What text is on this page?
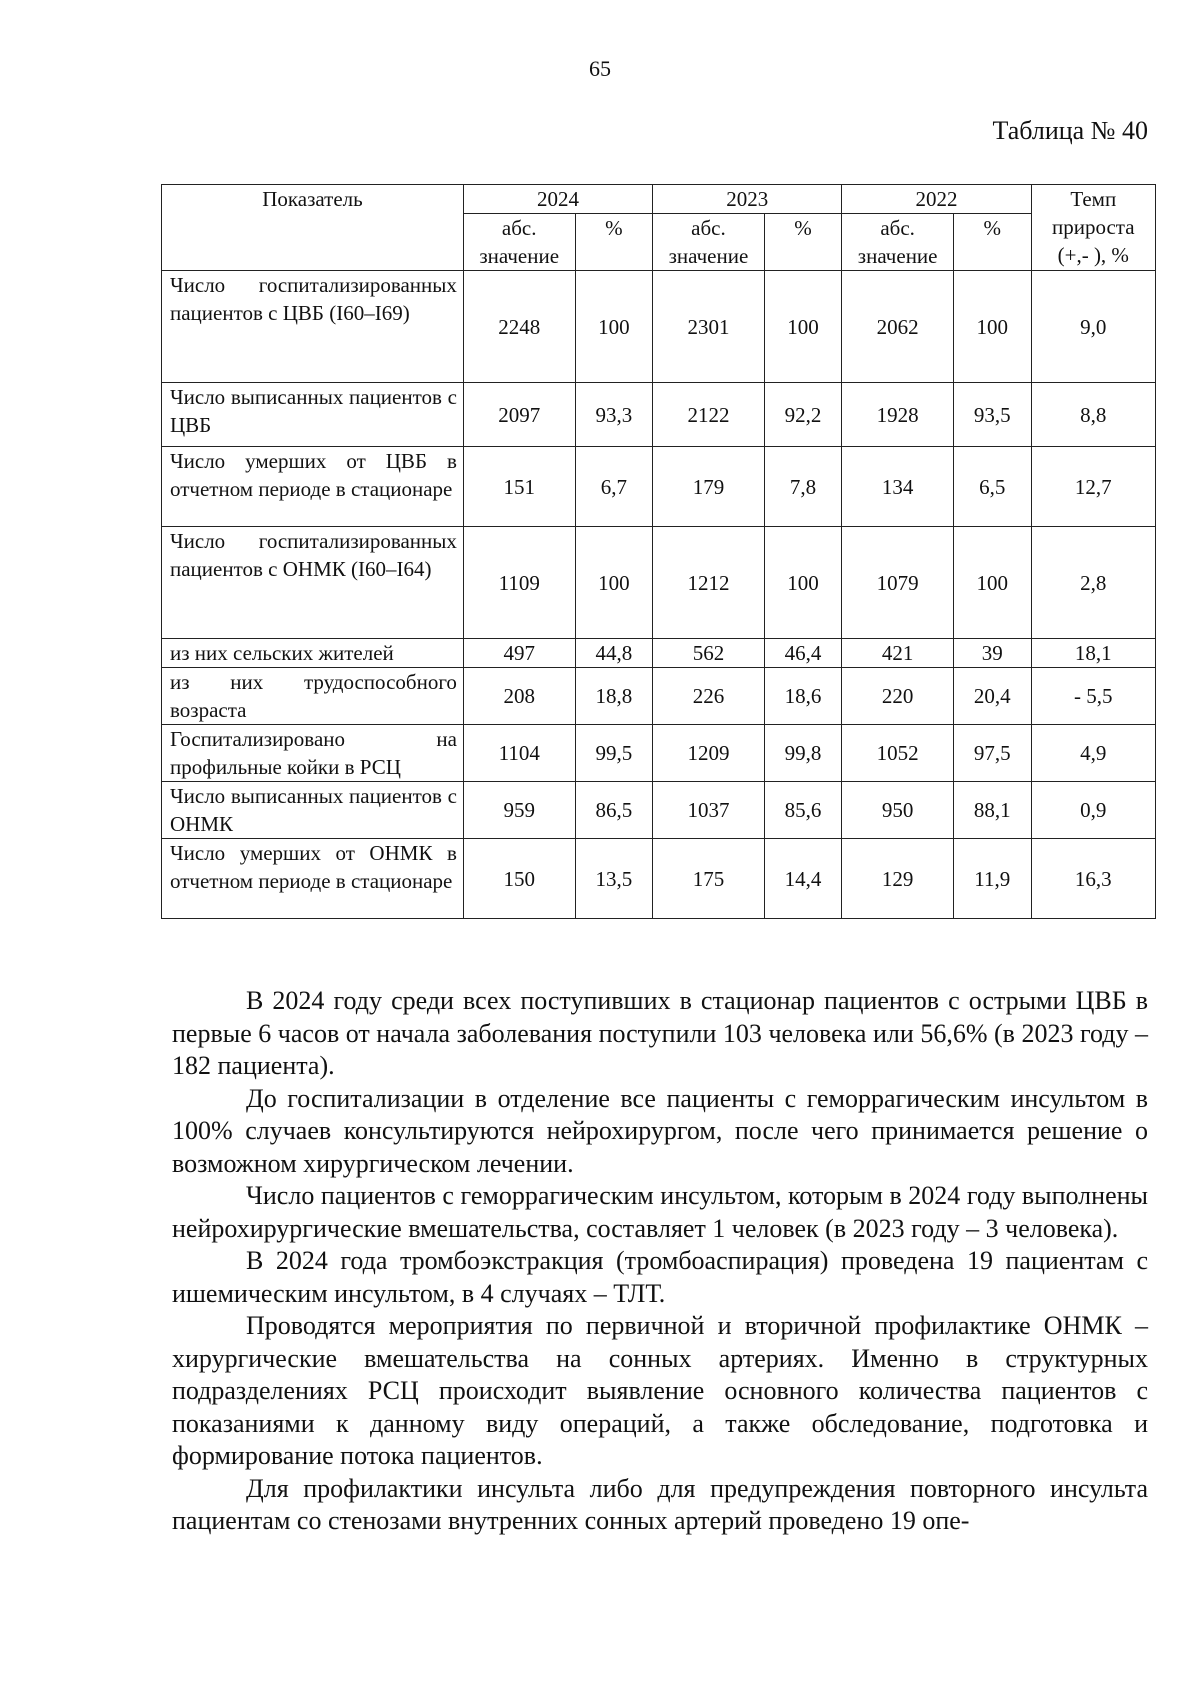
65
Таблица № 40
Показатель	2024		2023		2022		Темп прироста (+,- ), %
	абс. значение	%	абс. значение	%	абс. значение	%	
Число госпитализированных пациентов с ЦВБ (I60–I69)	2248	100	2301	100	2062	100	9,0
Число выписанных пациентов с ЦВБ	2097	93,3	2122	92,2	1928	93,5	8,8
Число умерших от ЦВБ в отчетном периоде в стационаре	151	6,7	179	7,8	134	6,5	12,7
Число госпитализированных пациентов с ОНМК (I60–I64)	1109	100	1212	100	1079	100	2,8
из них сельских жителей	497	44,8	562	46,4	421	39	18,1
из них трудоспособного возраста	208	18,8	226	18,6	220	20,4	- 5,5
Госпитализировано на профильные койки в РСЦ	1104	99,5	1209	99,8	1052	97,5	4,9
Число выписанных пациентов с ОНМК	959	86,5	1037	85,6	950	88,1	0,9
Число умерших от ОНМК в отчетном периоде в стационаре	150	13,5	175	14,4	129	11,9	16,3

В 2024 году среди всех поступивших в стационар пациентов с острыми ЦВБ в первые 6 часов от начала заболевания поступили 103 человека или 56,6% (в 2023 году – 182 пациента).

До госпитализации в отделение все пациенты с геморрагическим инсультом в 100% случаев консультируются нейрохирургом, после чего принимается решение о возможном хирургическом лечении.

Число пациентов с геморрагическим инсультом, которым в 2024 году выполнены нейрохирургические вмешательства, составляет 1 человек (в 2023 году – 3 человека).

В 2024 года тромбоэкстракция (тромбоаспирация) проведена 19 пациентам с ишемическим инсультом, в 4 случаях – ТЛТ.

Проводятся мероприятия по первичной и вторичной профилактике ОНМК – хирургические вмешательства на сонных артериях. Именно в структурных подразделениях РСЦ происходит выявление основного количества пациентов с показаниями к данному виду операций, а также обследование, подготовка и формирование потока пациентов.

Для профилактики инсульта либо для предупреждения повторного инсульта пациентам со стенозами внутренних сонных артерий проведено 19 опе-
